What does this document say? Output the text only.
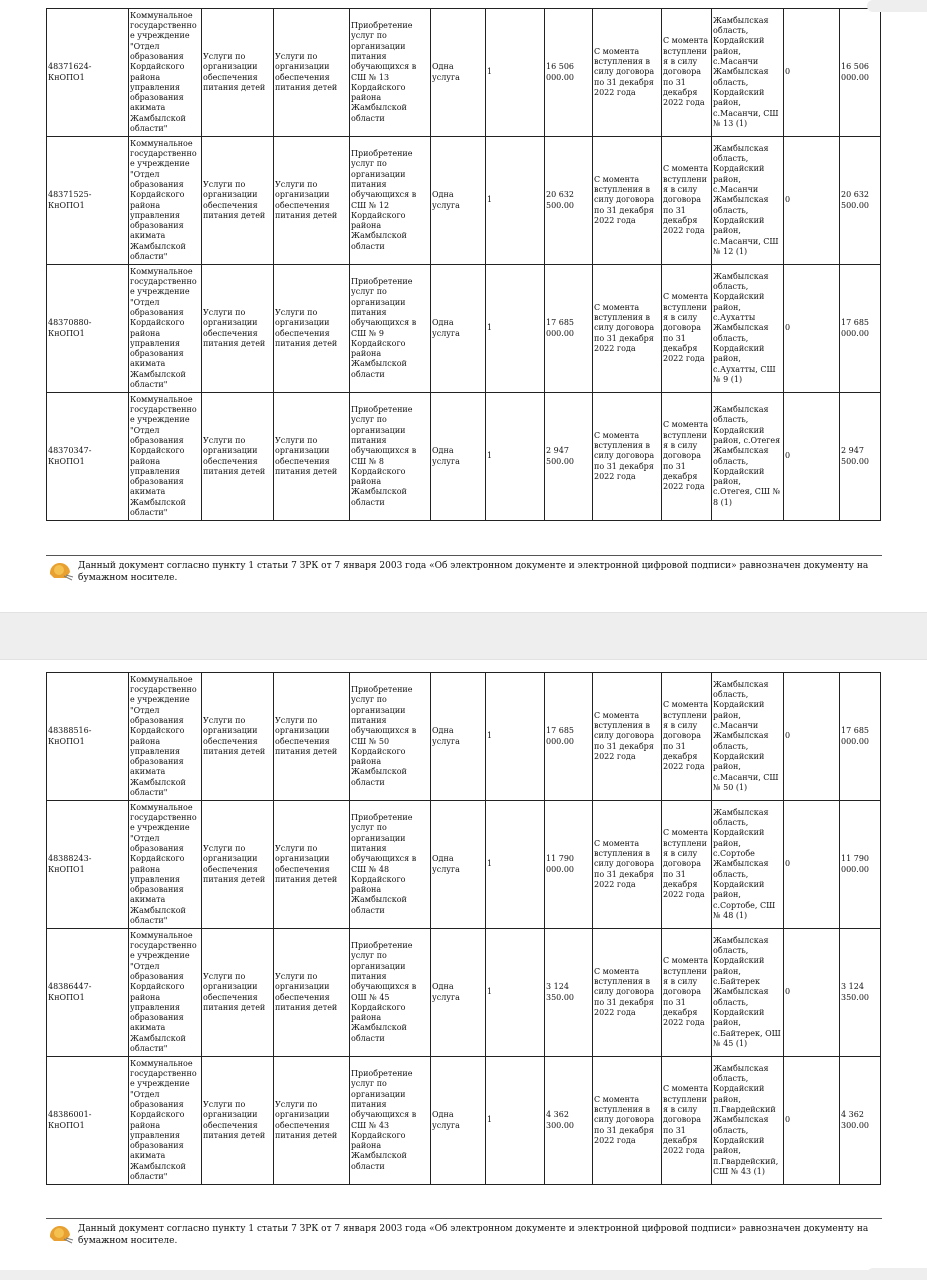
48371624-КнОПО1	Коммунальное государственное учреждение "Отдел образования Кордайского района управления образования акимата Жамбылской области"	Услуги по организации обеспечения питания детей	Услуги по организации обеспечения питания детей	Приобретение услуг по организации питания обучающихся в СШ № 13 Кордайского района Жамбылской области	Одна услуга	1	16 506 000.00	С момента вступления в силу договора по 31 декабря 2022 года	С момента вступления в силу договора по 31 декабря 2022 года	Жамбылская область, Кордайский район, с.Масанчи Жамбылская область, Кордайский район, с.Масанчи, СШ № 13 (1)	0	16 506 000.00
48371525-КнОПО1	Коммунальное государственное учреждение "Отдел образования Кордайского района управления образования акимата Жамбылской области"	Услуги по организации обеспечения питания детей	Услуги по организации обеспечения питания детей	Приобретение услуг по организации питания обучающихся в СШ № 12 Кордайского района Жамбылской области	Одна услуга	1	20 632 500.00	С момента вступления в силу договора по 31 декабря 2022 года	С момента вступления в силу договора по 31 декабря 2022 года	Жамбылская область, Кордайский район, с.Масанчи Жамбылская область, Кордайский район, с.Масанчи, СШ № 12 (1)	0	20 632 500.00
48370880-КнОПО1	Коммунальное государственное учреждение "Отдел образования Кордайского района управления образования акимата Жамбылской области"	Услуги по организации обеспечения питания детей	Услуги по организации обеспечения питания детей	Приобретение услуг по организации питания обучающихся в СШ № 9 Кордайского района Жамбылской области	Одна услуга	1	17 685 000.00	С момента вступления в силу договора по 31 декабря 2022 года	С момента вступления в силу договора по 31 декабря 2022 года	Жамбылская область, Кордайский район, с.Аухатты Жамбылская область, Кордайский район, с.Аухатты, СШ № 9 (1)	0	17 685 000.00
48370347-КнОПО1	Коммунальное государственное учреждение "Отдел образования Кордайского района управления образования акимата Жамбылской области"	Услуги по организации обеспечения питания детей	Услуги по организации обеспечения питания детей	Приобретение услуг по организации питания обучающихся в СШ № 8 Кордайского района Жамбылской области	Одна услуга	1	2 947 500.00	С момента вступления в силу договора по 31 декабря 2022 года	С момента вступления в силу договора по 31 декабря 2022 года	Жамбылская область, Кордайский район, с.Отегея Жамбылская область, Кордайский район, с.Отегея, СШ № 8 (1)	0	2 947 500.00
Данный документ согласно пункту 1 статьи 7 ЗРК от 7 января 2003 года «Об электронном документе и электронной цифровой подписи» равнозначен документу на бумажном носителе.
48388516-КнОПО1	Коммунальное государственное учреждение "Отдел образования Кордайского района управления образования акимата Жамбылской области"	Услуги по организации обеспечения питания детей	Услуги по организации обеспечения питания детей	Приобретение услуг по организации питания обучающихся в СШ № 50 Кордайского района Жамбылской области	Одна услуга	1	17 685 000.00	С момента вступления в силу договора по 31 декабря 2022 года	С момента вступления в силу договора по 31 декабря 2022 года	Жамбылская область, Кордайский район, с.Масанчи Жамбылская область, Кордайский район, с.Масанчи, СШ № 50 (1)	0	17 685 000.00
48388243-КнОПО1	Коммунальное государственное учреждение "Отдел образования Кордайского района управления образования акимата Жамбылской области"	Услуги по организации обеспечения питания детей	Услуги по организации обеспечения питания детей	Приобретение услуг по организации питания обучающихся в СШ № 48 Кордайского района Жамбылской области	Одна услуга	1	11 790 000.00	С момента вступления в силу договора по 31 декабря 2022 года	С момента вступления в силу договора по 31 декабря 2022 года	Жамбылская область, Кордайский район, с.Сортобе Жамбылская область, Кордайский район, с.Сортобе, СШ № 48 (1)	0	11 790 000.00
48386447-КнОПО1	Коммунальное государственное учреждение "Отдел образования Кордайского района управления образования акимата Жамбылской области"	Услуги по организации обеспечения питания детей	Услуги по организации обеспечения питания детей	Приобретение услуг по организации питания обучающихся в ОШ № 45 Кордайского района Жамбылской области	Одна услуга	1	3 124 350.00	С момента вступления в силу договора по 31 декабря 2022 года	С момента вступления в силу договора по 31 декабря 2022 года	Жамбылская область, Кордайский район, с.Байтерек Жамбылская область, Кордайский район, с.Байтерек, ОШ № 45 (1)	0	3 124 350.00
48386001-КнОПО1	Коммунальное государственное учреждение "Отдел образования Кордайского района управления образования акимата Жамбылской области"	Услуги по организации обеспечения питания детей	Услуги по организации обеспечения питания детей	Приобретение услуг по организации питания обучающихся в СШ № 43 Кордайского района Жамбылской области	Одна услуга	1	4 362 300.00	С момента вступления в силу договора по 31 декабря 2022 года	С момента вступления в силу договора по 31 декабря 2022 года	Жамбылская область, Кордайский район, п.Гвардейский Жамбылская область, Кордайский район, п.Гвардейский, СШ № 43 (1)	0	4 362 300.00
Данный документ согласно пункту 1 статьи 7 ЗРК от 7 января 2003 года «Об электронном документе и электронной цифровой подписи» равнозначен документу на бумажном носителе.
